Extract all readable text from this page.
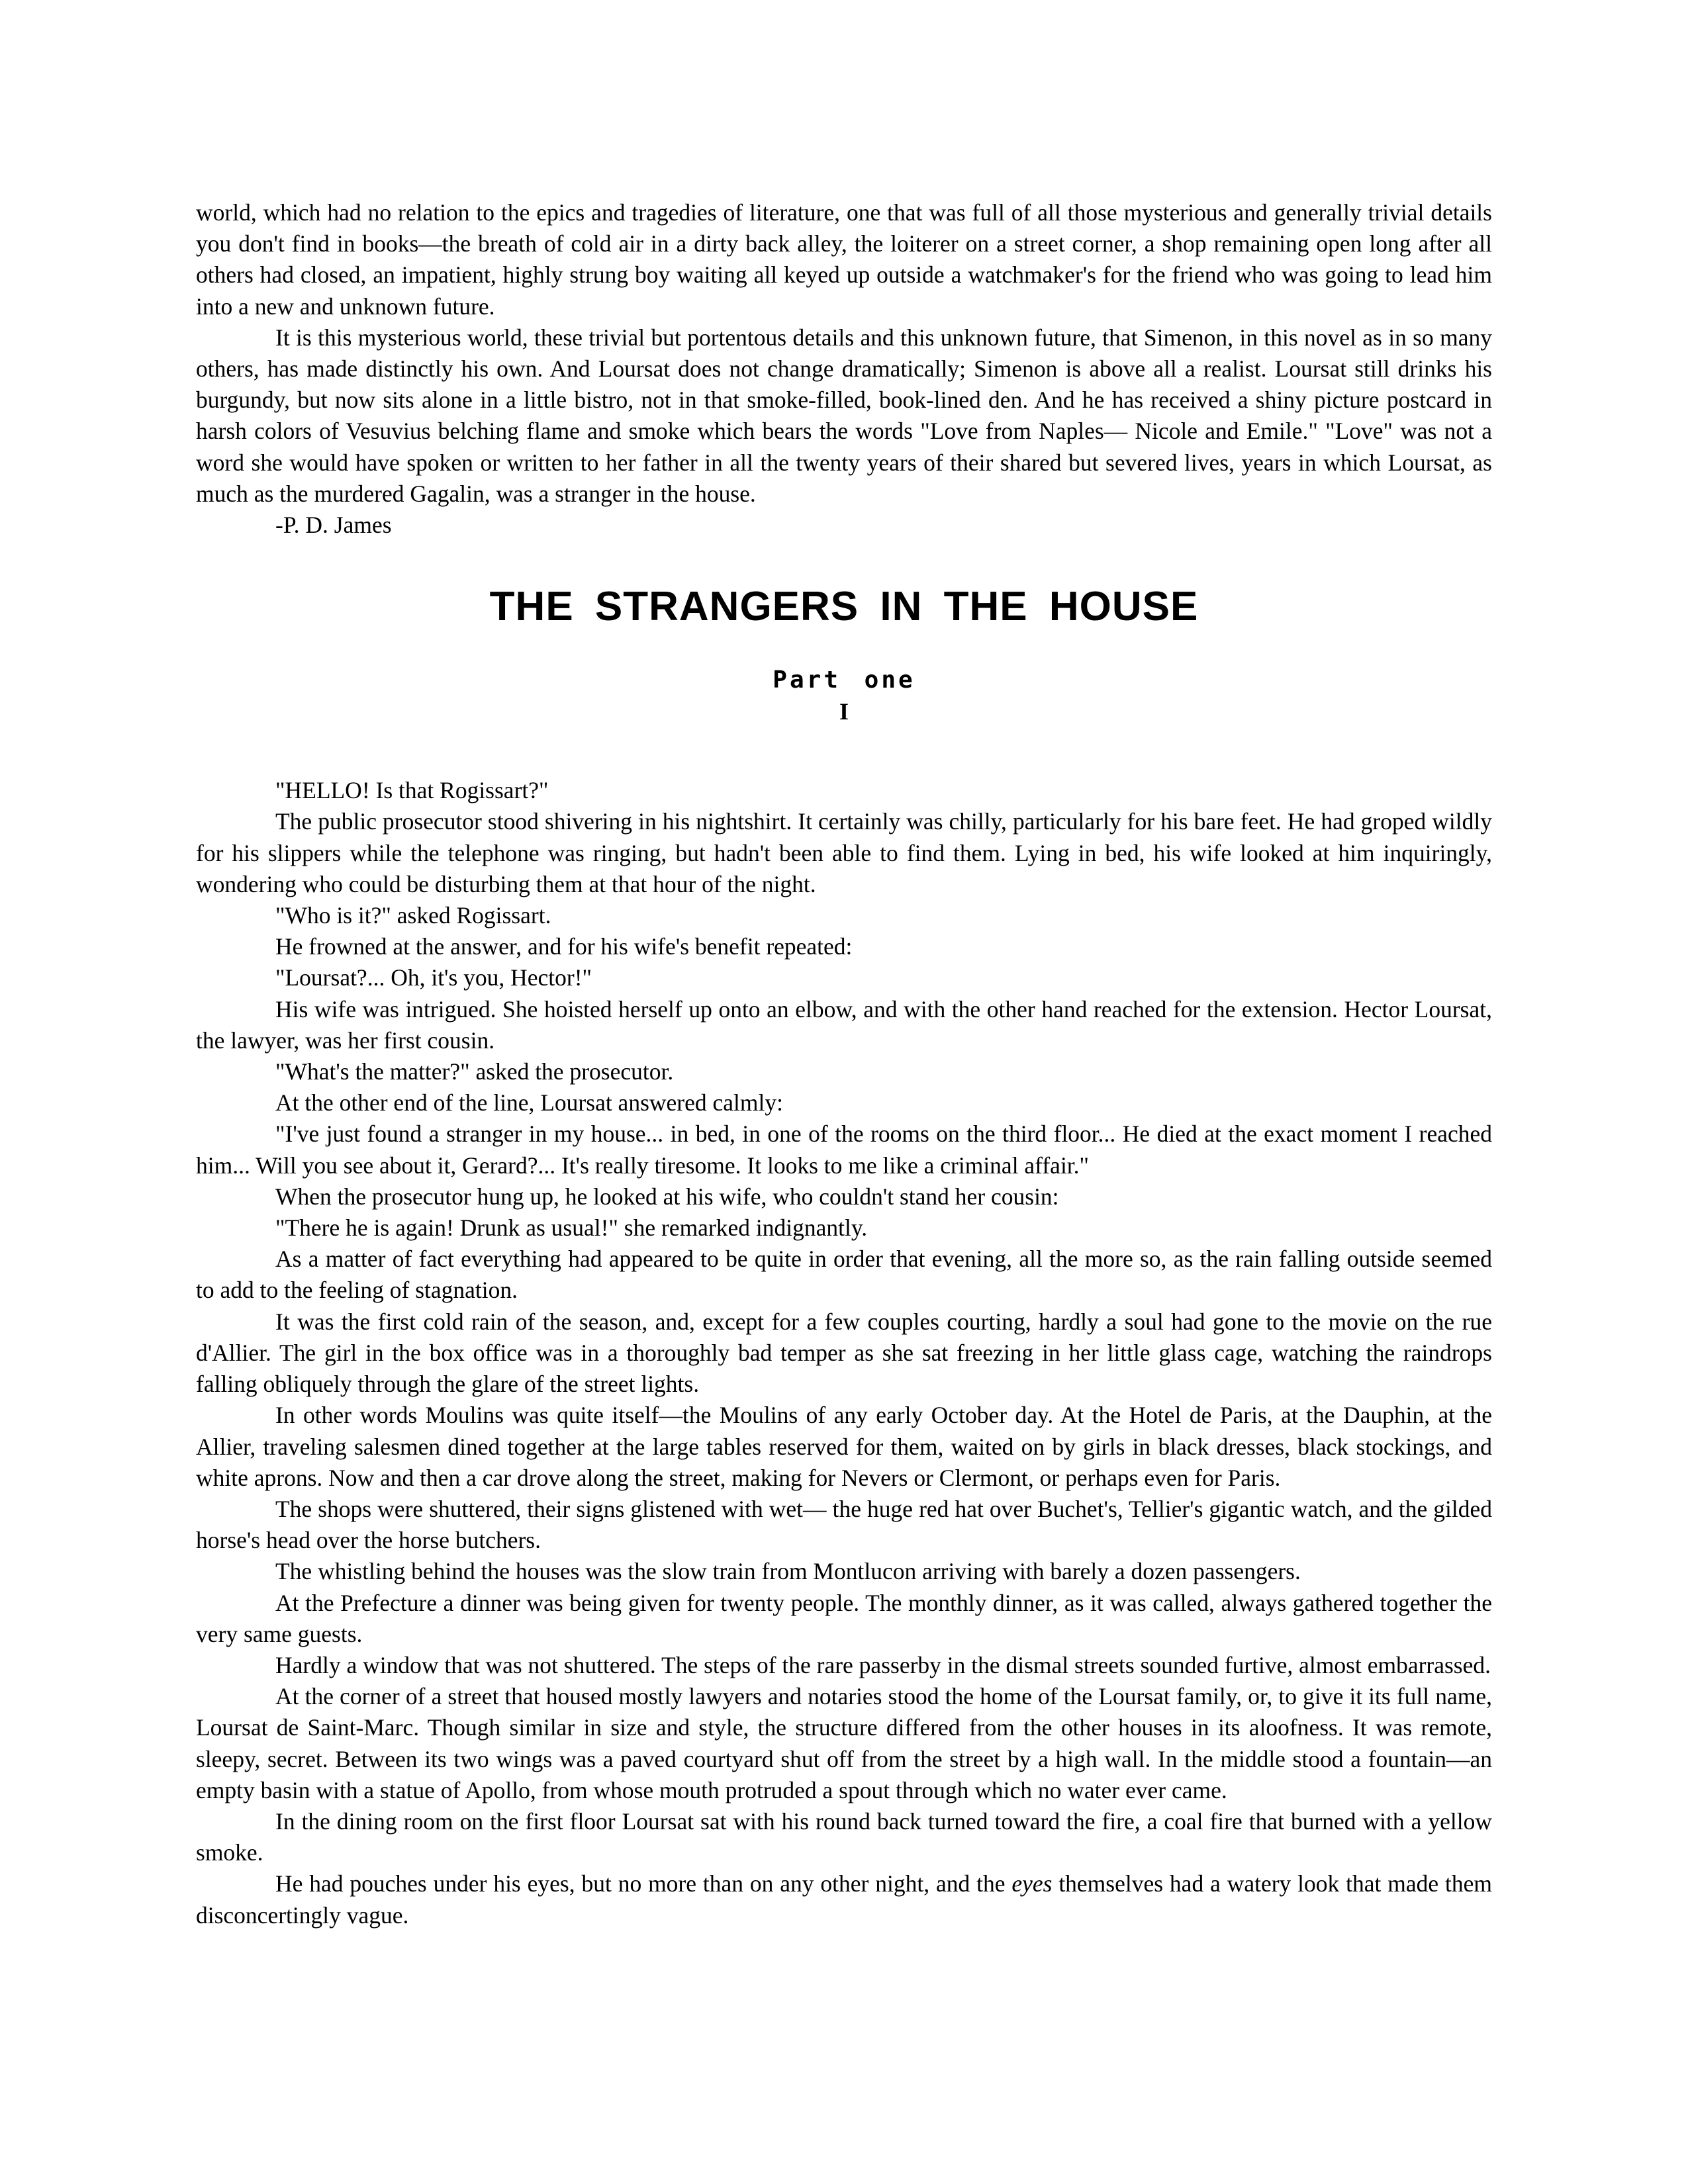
world, which had no relation to the epics and tragedies of literature, one that was full of all those mysterious and generally trivial details you don't find in books—the breath of cold air in a dirty back alley, the loiterer on a street corner, a shop remaining open long after all others had closed, an impatient, highly strung boy waiting all keyed up outside a watchmaker's for the friend who was going to lead him into a new and unknown future.

It is this mysterious world, these trivial but portentous details and this unknown future, that Simenon, in this novel as in so many others, has made distinctly his own. And Loursat does not change dramatically; Simenon is above all a realist. Loursat still drinks his burgundy, but now sits alone in a little bistro, not in that smoke-filled, book-lined den. And he has received a shiny picture postcard in harsh colors of Vesuvius belching flame and smoke which bears the words "Love from Naples— Nicole and Emile." "Love" was not a word she would have spoken or written to her father in all the twenty years of their shared but severed lives, years in which Loursat, as much as the murdered Gagalin, was a stranger in the house.

-P. D. James

THE STRANGERS IN THE HOUSE
Part one
I

"HELLO! Is that Rogissart?"

The public prosecutor stood shivering in his nightshirt. It certainly was chilly, particularly for his bare feet. He had groped wildly for his slippers while the telephone was ringing, but hadn't been able to find them. Lying in bed, his wife looked at him inquiringly, wondering who could be disturbing them at that hour of the night.

"Who is it?" asked Rogissart.

He frowned at the answer, and for his wife's benefit repeated:

"Loursat?... Oh, it's you, Hector!"

His wife was intrigued. She hoisted herself up onto an elbow, and with the other hand reached for the extension. Hector Loursat, the lawyer, was her first cousin.

"What's the matter?" asked the prosecutor.

At the other end of the line, Loursat answered calmly:

"I've just found a stranger in my house... in bed, in one of the rooms on the third floor... He died at the exact moment I reached him... Will you see about it, Gerard?... It's really tiresome. It looks to me like a criminal affair."

When the prosecutor hung up, he looked at his wife, who couldn't stand her cousin:

"There he is again! Drunk as usual!" she remarked indignantly.

As a matter of fact everything had appeared to be quite in order that evening, all the more so, as the rain falling outside seemed to add to the feeling of stagnation.

It was the first cold rain of the season, and, except for a few couples courting, hardly a soul had gone to the movie on the rue d'Allier. The girl in the box office was in a thoroughly bad temper as she sat freezing in her little glass cage, watching the raindrops falling obliquely through the glare of the street lights.

In other words Moulins was quite itself—the Moulins of any early October day. At the Hotel de Paris, at the Dauphin, at the Allier, traveling salesmen dined together at the large tables reserved for them, waited on by girls in black dresses, black stockings, and white aprons. Now and then a car drove along the street, making for Nevers or Clermont, or perhaps even for Paris.

The shops were shuttered, their signs glistened with wet— the huge red hat over Buchet's, Tellier's gigantic watch, and the gilded horse's head over the horse butchers.

The whistling behind the houses was the slow train from Montlucon arriving with barely a dozen passengers.

At the Prefecture a dinner was being given for twenty people. The monthly dinner, as it was called, always gathered together the very same guests.

Hardly a window that was not shuttered. The steps of the rare passerby in the dismal streets sounded furtive, almost embarrassed.

At the corner of a street that housed mostly lawyers and notaries stood the home of the Loursat family, or, to give it its full name, Loursat de Saint-Marc. Though similar in size and style, the structure differed from the other houses in its aloofness. It was remote, sleepy, secret. Between its two wings was a paved courtyard shut off from the street by a high wall. In the middle stood a fountain—an empty basin with a statue of Apollo, from whose mouth protruded a spout through which no water ever came.

In the dining room on the first floor Loursat sat with his round back turned toward the fire, a coal fire that burned with a yellow smoke.

He had pouches under his eyes, but no more than on any other night, and the eyes themselves had a watery look that made them disconcertingly vague.
